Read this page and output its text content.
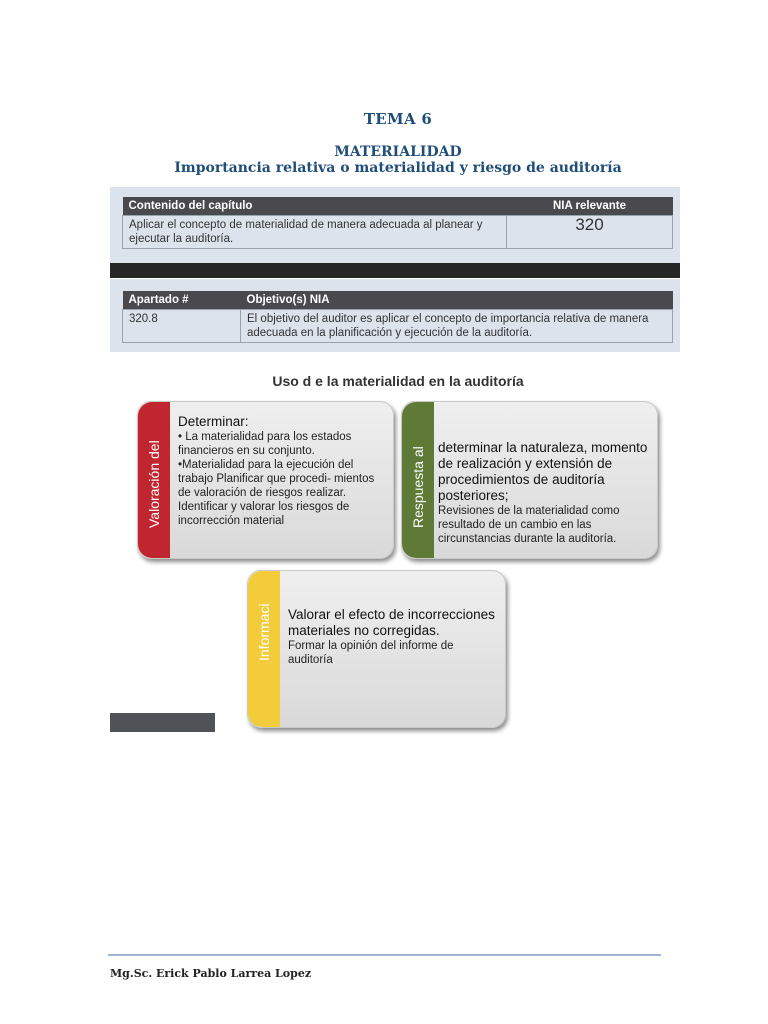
TEMA 6
MATERIALIDAD
Importancia relativa o materialidad y riesgo de auditoría
Contenido del capítulo	NIA relevante
Aplicar el concepto de materialidad de manera adecuada al planear y ejecutar la auditoría.	320
Apartado #	Objetivo(s) NIA
320.8	El objetivo del auditor es aplicar el concepto de importancia relativa de manera adecuada en la planificación y ejecución de la auditoría.
Uso d e la materialidad en la auditoría
Valoración del
Determinar:
• La materialidad para los estados financieros en su conjunto.
•Materialidad para la ejecución del trabajo Planificar que procedi- mientos de valoración de riesgos realizar. Identificar y valorar los riesgos de incorrección material	Respuesta al determinar la naturaleza, momento de realización y extensión de procedimientos de auditoría posteriores;
Revisiones de la materialidad como resultado de un cambio en las circunstancias durante la auditoría.
Informaci Valorar el efecto de incorrecciones materiales no corregidas.
Formar la opinión del informe de auditoría
Mg.Sc. Erick Pablo Larrea Lopez
